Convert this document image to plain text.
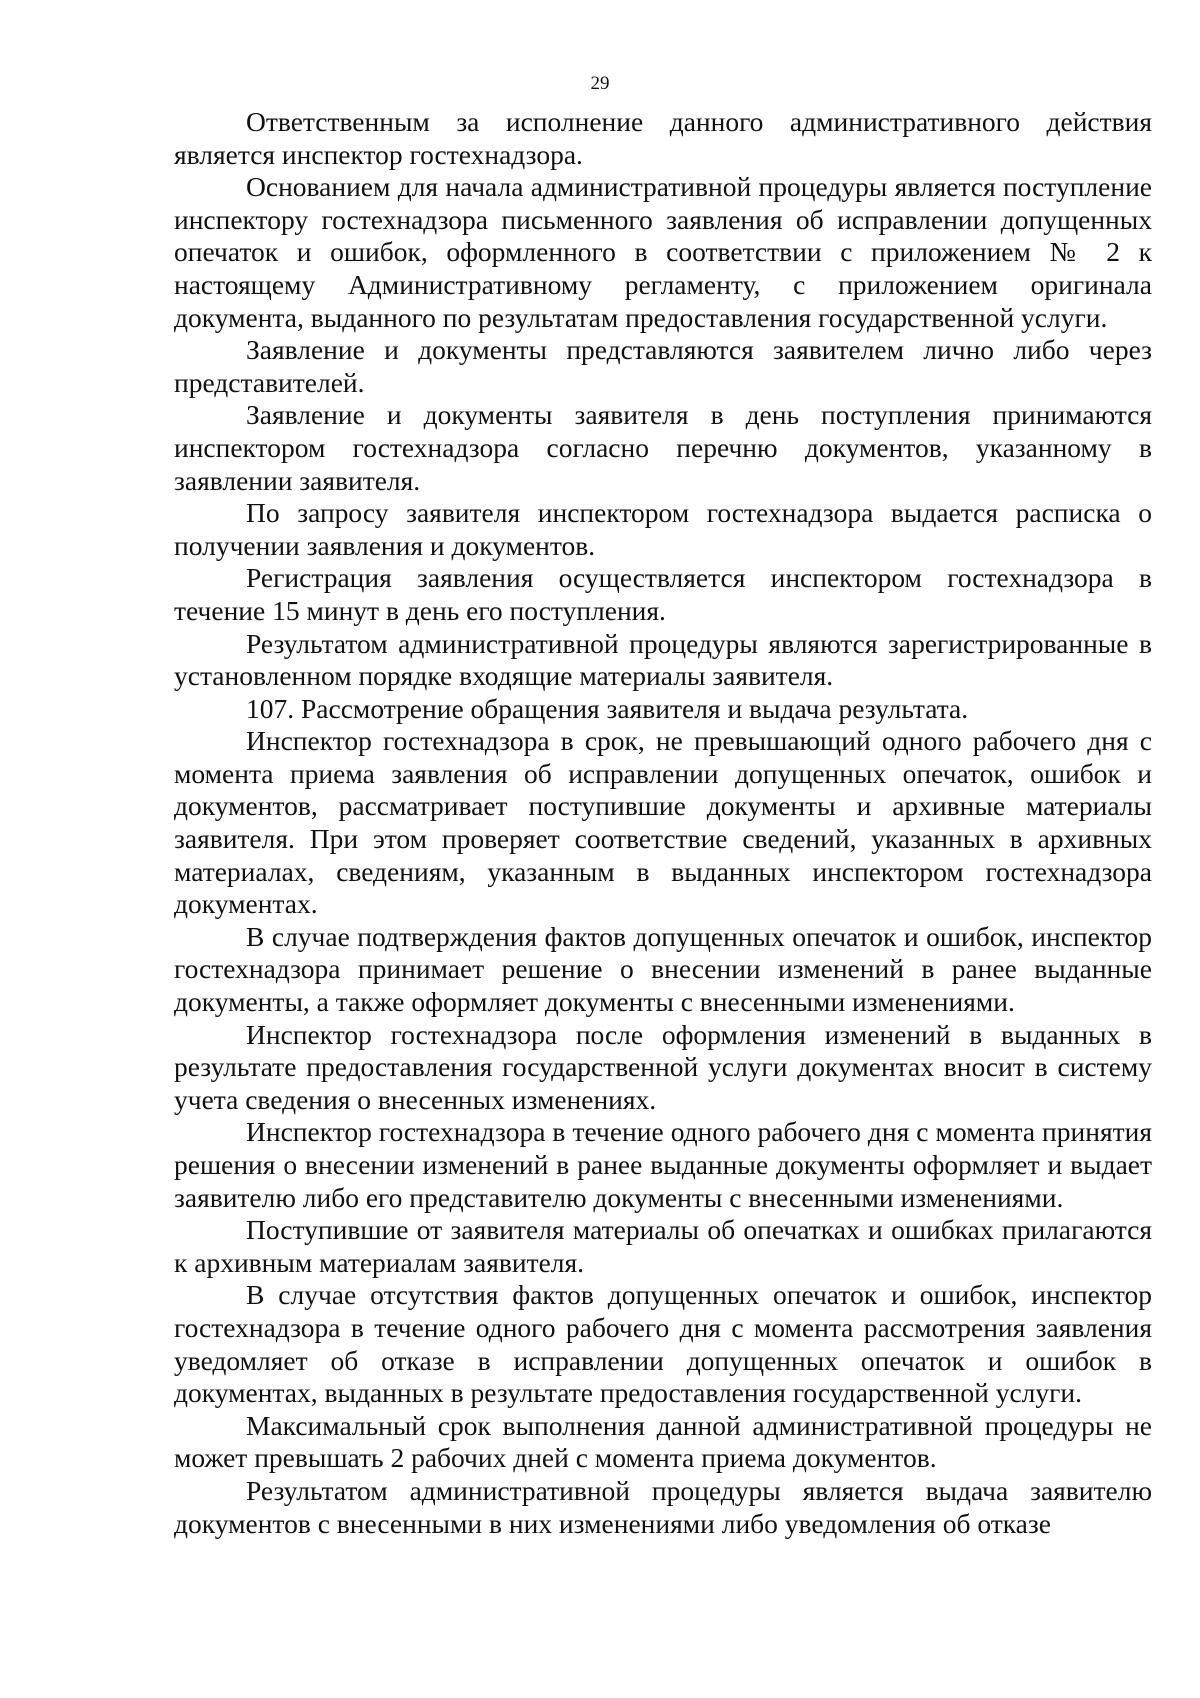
29

Ответственным за исполнение данного административного действия является инспектор гостехнадзора.

Основанием для начала административной процедуры является поступление инспектору гостехнадзора письменного заявления об исправлении допущенных опечаток и ошибок, оформленного в соответствии с приложением № 2 к настоящему Административному регламенту, с приложением оригинала документа, выданного по результатам предоставления государственной услуги.

Заявление и документы представляются заявителем лично либо через представителей.

Заявление и документы заявителя в день поступления принимаются инспектором гостехнадзора согласно перечню документов, указанному в заявлении заявителя.

По запросу заявителя инспектором гостехнадзора выдается расписка о получении заявления и документов.

Регистрация заявления осуществляется инспектором гостехнадзора в течение 15 минут в день его поступления.

Результатом административной процедуры являются зарегистрированные в установленном порядке входящие материалы заявителя.

107. Рассмотрение обращения заявителя и выдача результата.

Инспектор гостехнадзора в срок, не превышающий одного рабочего дня с момента приема заявления об исправлении допущенных опечаток, ошибок и документов, рассматривает поступившие документы и архивные материалы заявителя. При этом проверяет соответствие сведений, указанных в архивных материалах, сведениям, указанным в выданных инспектором гостехнадзора документах.

В случае подтверждения фактов допущенных опечаток и ошибок, инспектор гостехнадзора принимает решение о внесении изменений в ранее выданные документы, а также оформляет документы с внесенными изменениями.

Инспектор гостехнадзора после оформления изменений в выданных в результате предоставления государственной услуги документах вносит в систему учета сведения о внесенных изменениях.

Инспектор гостехнадзора в течение одного рабочего дня с момента принятия решения о внесении изменений в ранее выданные документы оформляет и выдает заявителю либо его представителю документы с внесенными изменениями.

Поступившие от заявителя материалы об опечатках и ошибках прилагаются к архивным материалам заявителя.

В случае отсутствия фактов допущенных опечаток и ошибок, инспектор гостехнадзора в течение одного рабочего дня с момента рассмотрения заявления уведомляет об отказе в исправлении допущенных опечаток и ошибок в документах, выданных в результате предоставления государственной услуги.

Максимальный срок выполнения данной административной процедуры не может превышать 2 рабочих дней с момента приема документов.

Результатом административной процедуры является выдача заявителю документов с внесенными в них изменениями либо уведомления об отказе
